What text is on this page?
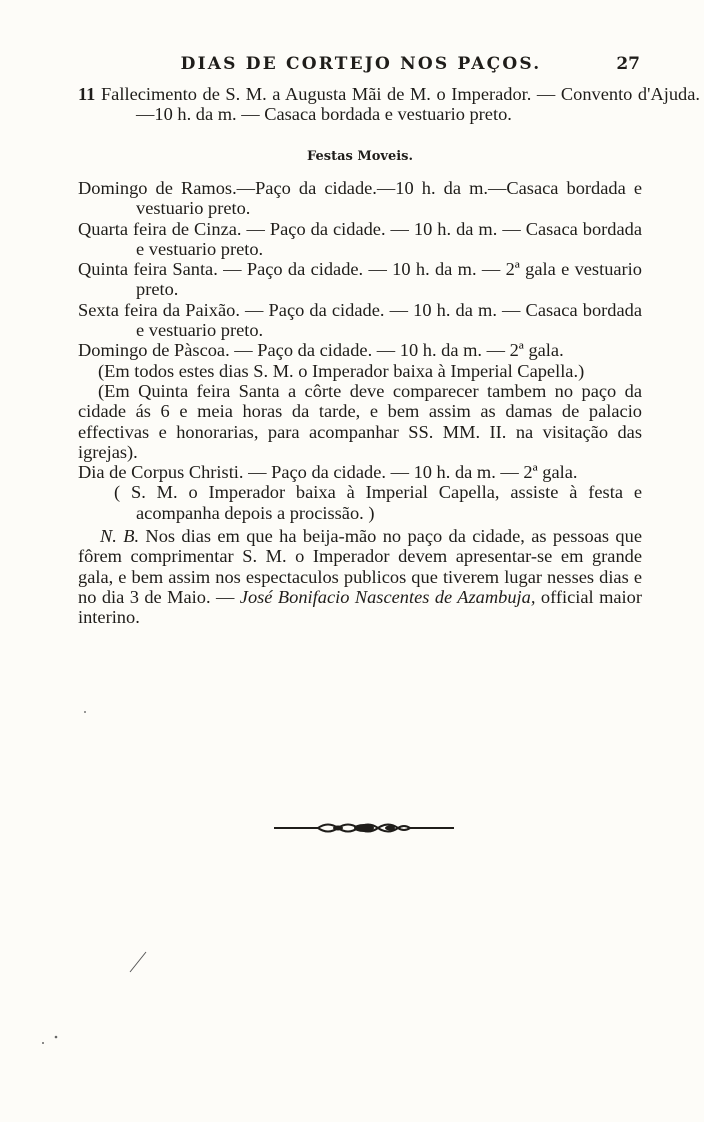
DIAS DE CORTEJO NOS PAÇOS.	27
11 Fallecimento de S. M. a Augusta Mãi de M. o Imperador. — Convento d'Ajuda. —10 h. da m. — Casaca bordada e vestuario preto.
Festas Moveis.

Domingo de Ramos.—Paço da cidade.—10 h. da m.—Casaca bordada e vestuario preto.

Quarta feira de Cinza. — Paço da cidade. — 10 h. da m. — Casaca bordada e vestuario preto.

Quinta feira Santa. — Paço da cidade. — 10 h. da m. — 2ª gala e vestuario preto.

Sexta feira da Paixão. — Paço da cidade. — 10 h. da m. — Casaca bordada e vestuario preto.

Domingo de Pàscoa. — Paço da cidade. — 10 h. da m. — 2ª gala.

(Em todos estes dias S. M. o Imperador baixa à Imperial Capella.)

(Em Quinta feira Santa a côrte deve comparecer tambem no paço da cidade ás 6 e meia horas da tarde, e bem assim as damas de palacio effectivas e honorarias, para acompanhar SS. MM. II. na visitação das igrejas).

Dia de Corpus Christi. — Paço da cidade. — 10 h. da m. — 2ª gala.

( S. M. o Imperador baixa à Imperial Capella, assiste à festa e acompanha depois a procissão. )

N. B. Nos dias em que ha beija-mão no paço da cidade, as pessoas que fôrem comprimentar S. M. o Imperador devem apresentar-se em grande gala, e bem assim nos espectaculos publicos que tiverem lugar nesses dias e no dia 3 de Maio. — José Bonifacio Nascentes de Azambuja, official maior interino.
